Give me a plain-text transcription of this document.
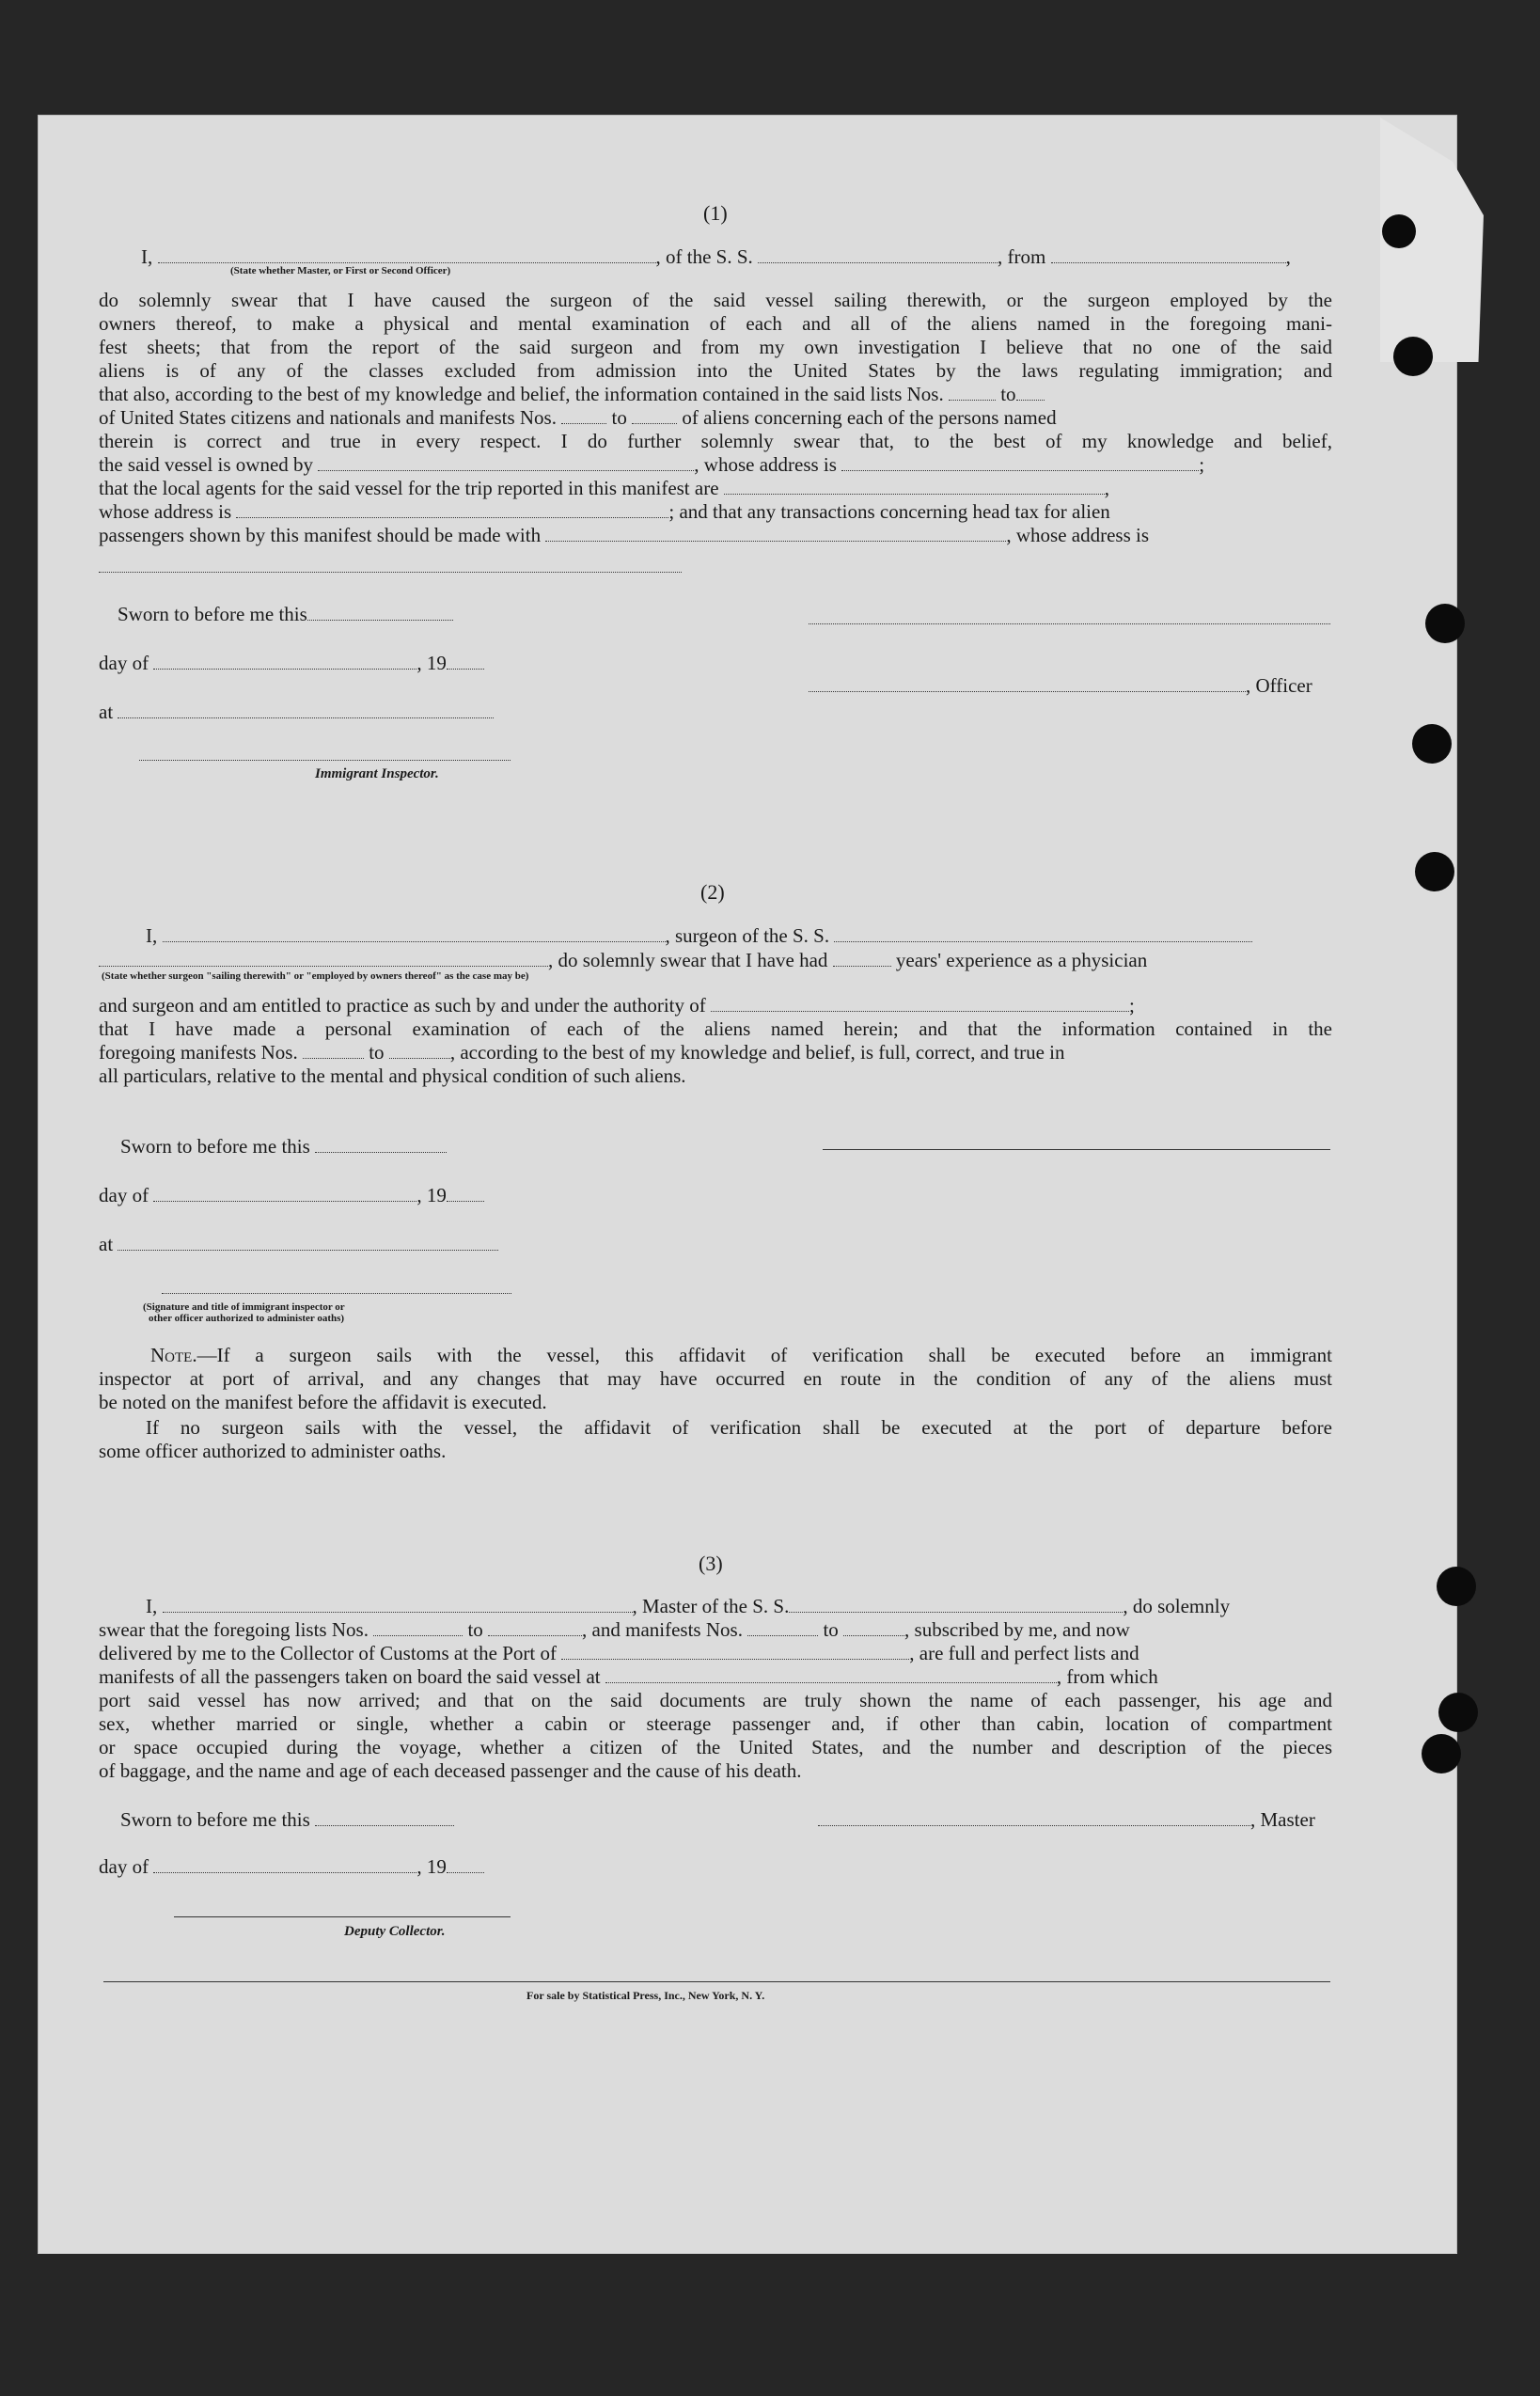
(1)
I,	, of the S. S.	, from	,
(State whether Master, or First or Second Officer)
do solemnly swear that I have caused the surgeon of the said vessel sailing therewith, or the surgeon employed by the
owners thereof, to make a physical and mental examination of each and all of the aliens named in the foregoing mani-
fest sheets; that from the report of the said surgeon and from my own investigation I believe that no one of the said
aliens is of any of the classes excluded from admission into the United States by the laws regulating immigration; and
that also, according to the best of my knowledge and belief, the information contained in the said lists Nos.	to
of United States citizens and nationals and manifests Nos.	to	of aliens concerning each of the persons named
therein is correct and true in every respect. I do further solemnly swear that, to the best of my knowledge and belief,
the said vessel is owned by	, whose address is	;
that the local agents for the said vessel for the trip reported in this manifest are	,
whose address is	; and that any transactions concerning head tax for alien
passengers shown by this manifest should be made with	, whose address is
Sworn to before me this
day of	, 19
at
Immigrant Inspector.
, Officer
(2)
I,	, surgeon of the S. S.
, do solemnly swear that I have had	years' experience as a physician
(State whether surgeon "sailing therewith" or "employed by owners thereof" as the case may be)
and surgeon and am entitled to practice as such by and under the authority of	;
that I have made a personal examination of each of the aliens named herein; and that the information contained in the
foregoing manifests Nos.	to	, according to the best of my knowledge and belief, is full, correct, and true in
all particulars, relative to the mental and physical condition of such aliens.
Sworn to before me this
day of	, 19
at
(Signature and title of immigrant inspector or
other officer authorized to administer oaths)
Note.—If a surgeon sails with the vessel, this affidavit of verification shall be executed before an immigrant
inspector at port of arrival, and any changes that may have occurred en route in the condition of any of the aliens must
be noted on the manifest before the affidavit is executed.
If no surgeon sails with the vessel, the affidavit of verification shall be executed at the port of departure before
some officer authorized to administer oaths.
(3)
I,	, Master of the S. S.	, do solemnly
swear that the foregoing lists Nos.	to	, and manifests Nos.	to	, subscribed by me, and now
delivered by me to the Collector of Customs at the Port of	, are full and perfect lists and
manifests of all the passengers taken on board the said vessel at	, from which
port said vessel has now arrived; and that on the said documents are truly shown the name of each passenger, his age and
sex, whether married or single, whether a cabin or steerage passenger and, if other than cabin, location of compartment
or space occupied during the voyage, whether a citizen of the United States, and the number and description of the pieces
of baggage, and the name and age of each deceased passenger and the cause of his death.
Sworn to before me this	, Master
day of	, 19
Deputy Collector.
For sale by Statistical Press, Inc., New York, N. Y.
